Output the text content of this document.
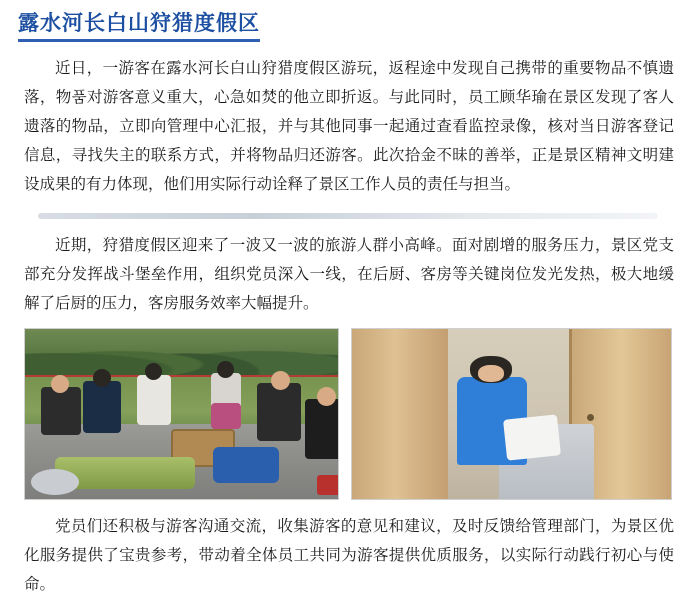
露水河长白山狩猎度假区

近日，一游客在露水河长白山狩猎度假区游玩，返程途中发现自己携带的重要物品不慎遗落，物품对游客意义重大，心急如焚的他立即折返。与此同时，员工顾华瑜在景区发现了客人遗落的物品，立即向管理中心汇报，并与其他同事一起通过查看监控录像，核对当日游客登记信息，寻找失主的联系方式，并将物品归还游客。此次拾金不昧的善举，正是景区精神文明建设成果的有力体现，他们用实际行动诠释了景区工作人员的责任与担当。

近期，狩猎度假区迎来了一波又一波的旅游人群小高峰。面对剧增的服务压力，景区党支部充分发挥战斗堡垒作用，组织党员深入一线，在后厨、客房等关键岗位发光发热，极大地缓解了后厨的压力，客房服务效率大幅提升。

党员们还积极与游客沟通交流，收集游客的意见和建议，及时反馈给管理部门，为景区优化服务提供了宝贵参考，带动着全体员工共同为游客提供优质服务，以实际行动践行初心与使命。
